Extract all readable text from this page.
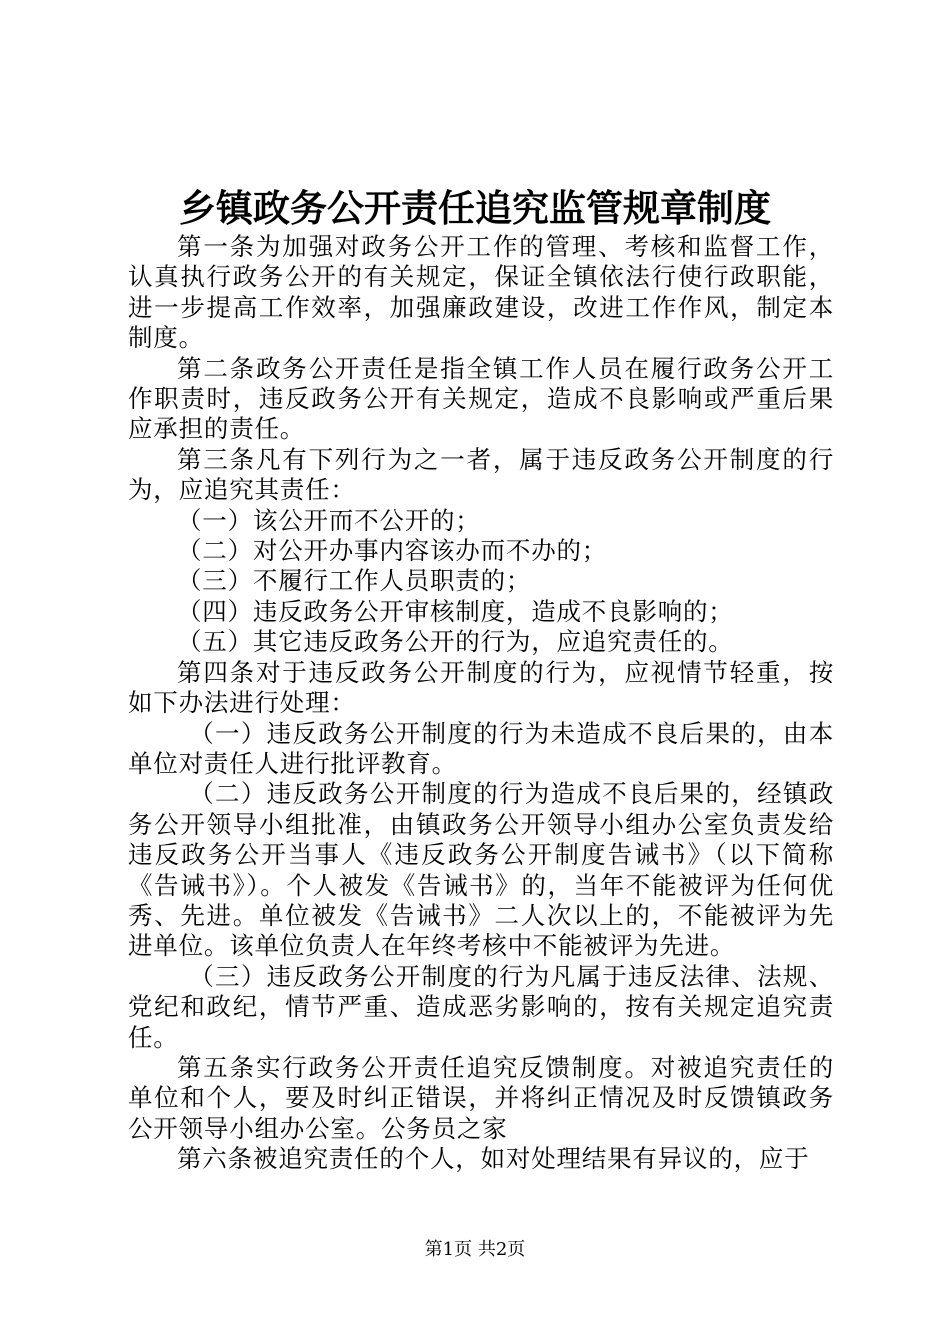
乡镇政务公开责任追究监管规章制度

第一条为加强对政务公开工作的管理、考核和监督工作，认真执行政务公开的有关规定，保证全镇依法行使行政职能，进一步提高工作效率，加强廉政建设，改进工作作风，制定本制度。

第二条政务公开责任是指全镇工作人员在履行政务公开工作职责时，违反政务公开有关规定，造成不良影响或严重后果应承担的责任。

第三条凡有下列行为之一者，属于违反政务公开制度的行为，应追究其责任：

（一）该公开而不公开的；

（二）对公开办事内容该办而不办的；

（三）不履行工作人员职责的；

（四）违反政务公开审核制度，造成不良影响的；

（五）其它违反政务公开的行为，应追究责任的。

第四条对于违反政务公开制度的行为，应视情节轻重，按如下办法进行处理：

（一）违反政务公开制度的行为未造成不良后果的，由本单位对责任人进行批评教育。

（二）违反政务公开制度的行为造成不良后果的，经镇政务公开领导小组批准，由镇政务公开领导小组办公室负责发给违反政务公开当事人《违反政务公开制度告诫书》（以下简称《告诫书》）。个人被发《告诫书》的，当年不能被评为任何优秀、先进。单位被发《告诫书》二人次以上的，不能被评为先进单位。该单位负责人在年终考核中不能被评为先进。

（三）违反政务公开制度的行为凡属于违反法律、法规、党纪和政纪，情节严重、造成恶劣影响的，按有关规定追究责任。

第五条实行政务公开责任追究反馈制度。对被追究责任的单位和个人，要及时纠正错误，并将纠正情况及时反馈镇政务公开领导小组办公室。公务员之家

第六条被追究责任的个人，如对处理结果有异议的，应于

第1页 共2页
